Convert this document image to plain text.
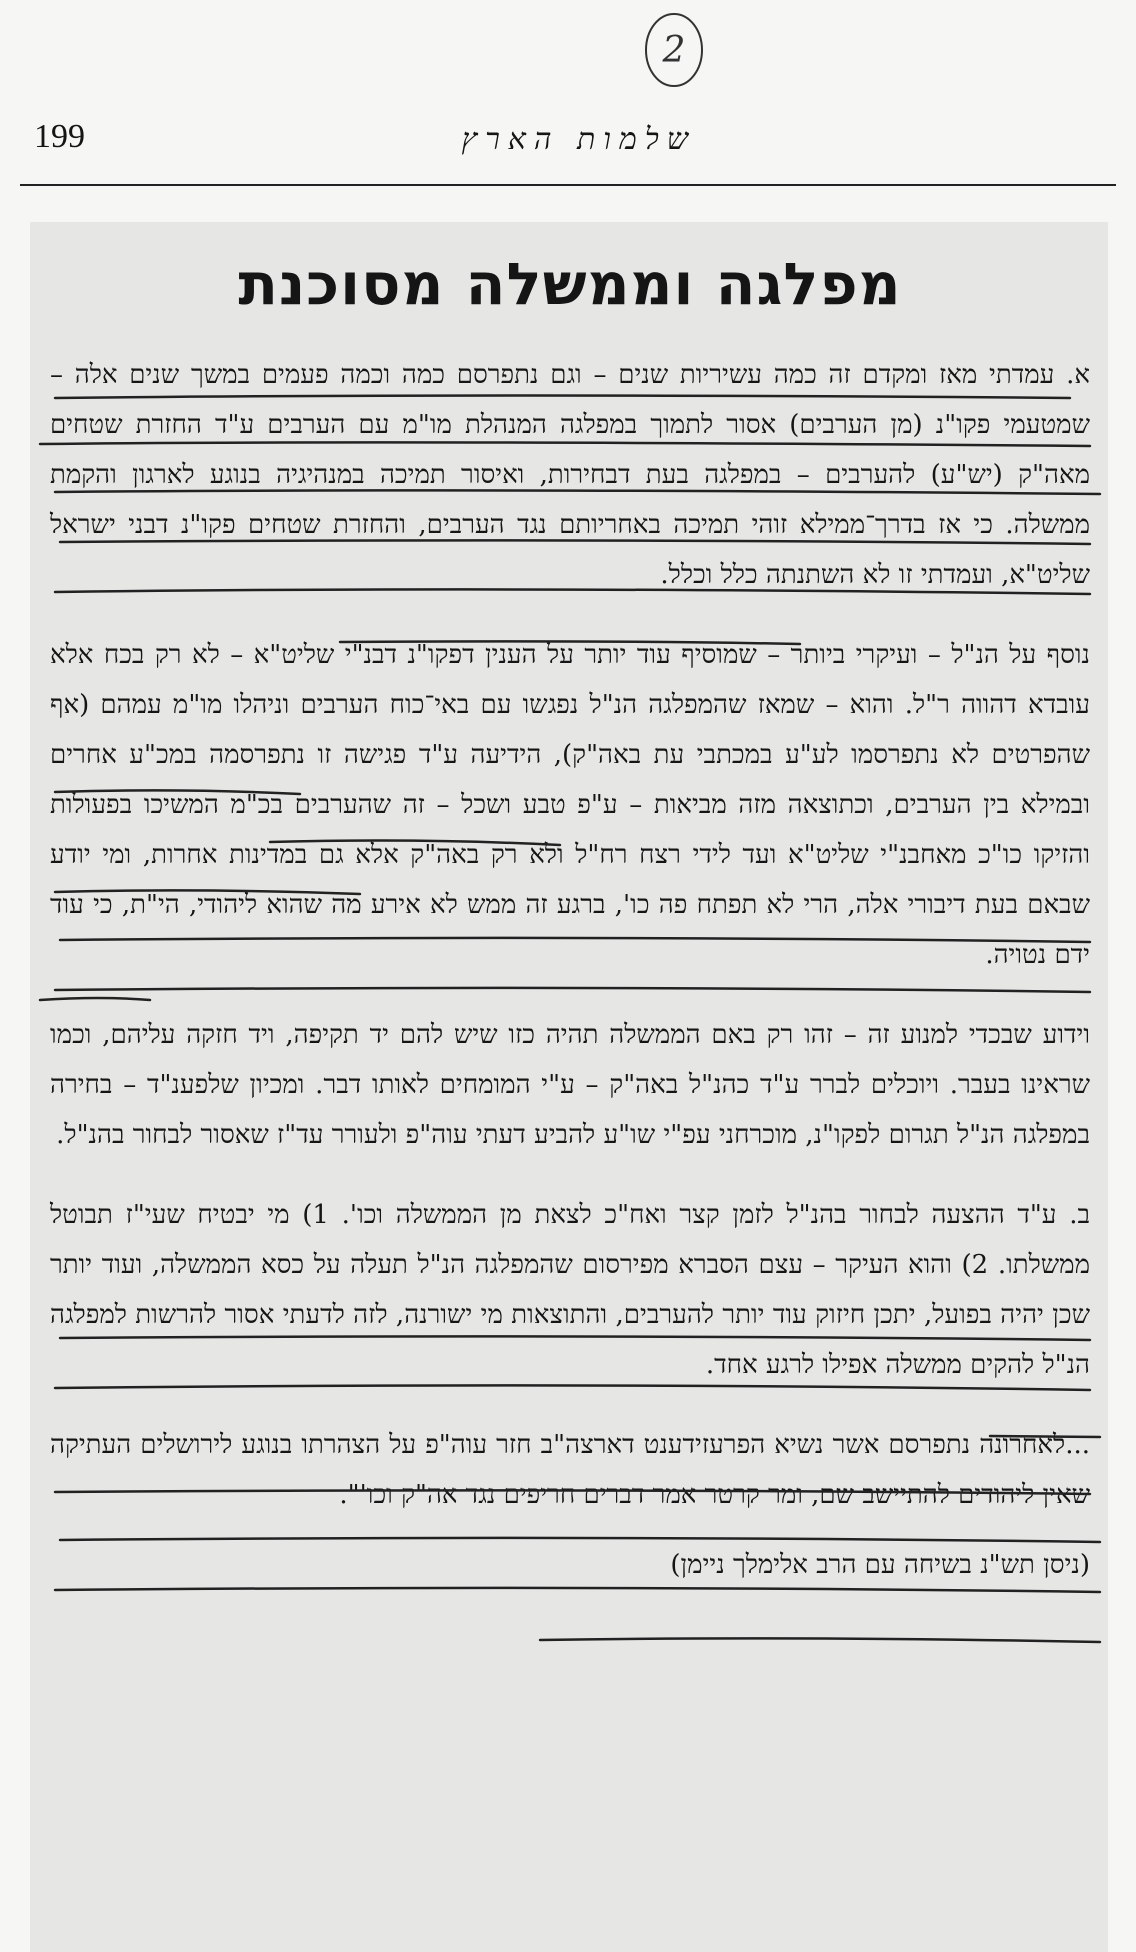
2
199	שלמות הארץ
מפלגה וממשלה מסוכנת

א. עמדתי מאז ומקדם זה כמה עשיריות שנים – וגם נתפרסם כמה וכמה פעמים במשך שנים אלה – שמטעמי פקו"נ (מן הערבים) אסור לתמוך במפלגה המנהלת מו"מ עם הערבים ע"ד החזרת שטחים מאה"ק (יש"ע) להערבים – במפלגה בעת דבחירות, ואיסור תמיכה במנהיגיה בנוגע לארגון והקמת ממשלה. כי אז בדרך־ממילא זוהי תמיכה באחריותם נגד הערבים, והחזרת שטחים פקו"נ דבני ישראל שליט"א, ועמדתי זו לא השתנתה כלל וכלל.

נוסף על הנ"ל – ועיקרי ביותר – שמוסיף עוד יותר על הענין דפקו"נ דבנ"י שליט"א – לא רק בכח אלא עובדא דהווה ר"ל. והוא – שמאז שהמפלגה הנ"ל נפגשו עם באי־כוח הערבים וניהלו מו"מ עמהם (אף שהפרטים לא נתפרסמו לע"ע במכתבי עת באה"ק), הידיעה ע"ד פגישה זו נתפרסמה במכ"ע אחרים ובמילא בין הערבים, וכתוצאה מזה מביאות – ע"פ טבע ושכל – זה שהערבים בכ"מ המשיכו בפעולות והזיקו כו"כ מאחבנ"י שליט"א ועד לידי רצח רח"ל ולא רק באה"ק אלא גם במדינות אחרות, ומי יודע שבאם בעת דיבורי אלה, הרי לא תפתח פה כו', ברגע זה ממש לא אירע מה שהוא ליהודי, הי"ת, כי עוד ידם נטויה.

וידוע שבכדי למנוע זה – זהו רק באם הממשלה תהיה כזו שיש להם יד תקיפה, ויד חזקה עליהם, וכמו שראינו בעבר. ויוכלים לברר ע"ד כהנ"ל באה"ק – ע"י המומחים לאותו דבר. ומכיון שלפענ"ד – בחירה במפלגה הנ"ל תגרום לפקו"נ, מוכרחני עפ"י שו"ע להביע דעתי עוה"פ ולעורר עד"ז שאסור לבחור בהנ"ל.

ב. ע"ד ההצעה לבחור בהנ"ל לזמן קצר ואח"כ לצאת מן הממשלה וכו'. 1) מי יבטיח שעי"ז תבוטל ממשלתו. 2) והוא העיקר – עצם הסברא מפירסום שהמפלגה הנ"ל תעלה על כסא הממשלה, ועוד יותר שכן יהיה בפועל, יתכן חיזוק עוד יותר להערבים, והתוצאות מי ישורנה, לזה לדעתי אסור להרשות למפלגה הנ"ל להקים ממשלה אפילו לרגע אחד.

...לאחרונה נתפרסם אשר נשיא הפרעזידענט דארצה"ב חזר עוה"פ על הצהרתו בנוגע לירושלים העתיקה שאין ליהודים להתיישב שם, ומר קרטר אמר דברים חריפים נגד אה"ק וכו'".

(ניסן תש"נ בשיחה עם הרב אלימלך ניימן)
